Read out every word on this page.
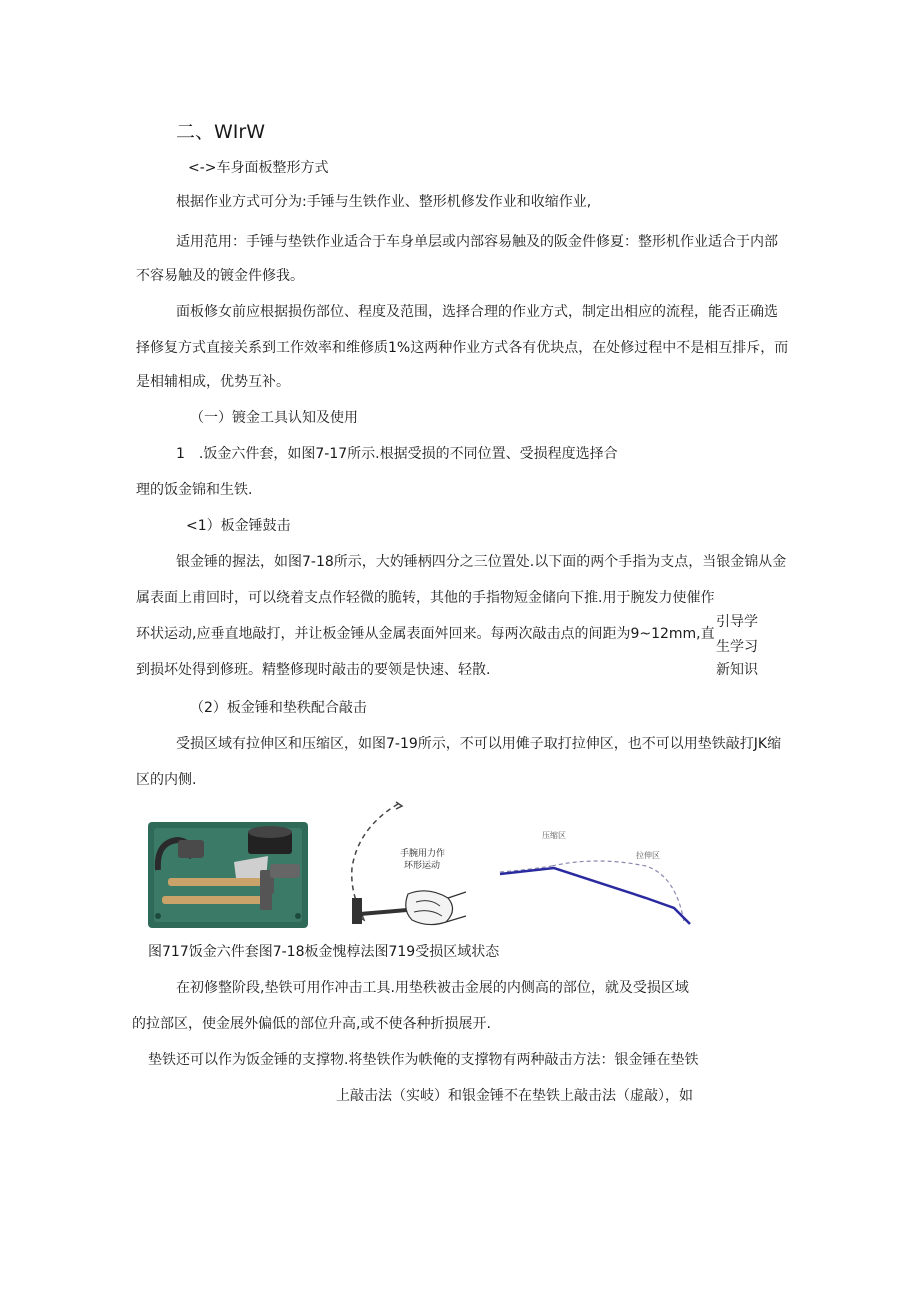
二、WIrW
<->车身面板整形方式
根据作业方式可分为:手锤与生铁作业、整形机修发作业和收缩作业,
适用范用：手锤与垫铁作业适合于车身单层或内部容易触及的阪金件修夏：整形机作业适合于内部
不容易触及的镀金件修我。
面板修女前应根据损伤部位、程度及范围，选择合理的作业方式，制定出相应的流程，能否正确选
择修复方式直接关系到工作效率和维修质1%这两种作业方式各有优块点，在处修过程中不是相互排斥，而
是相辅相成，优势互补。
（一）镀金工具认知及使用
1　.饭金六件套，如图7-17所示.根据受损的不同位置、受损程度选择合
理的饭金锦和生铁.
<1）板金锤鼓击
银金锤的握法，如图7-18所示，大妁锤柄四分之三位置处.以下面的两个手指为支点，当银金锦从金
属表面上甫回时，可以绕着支点作轻微的脆转，其他的手指物短金储向下推.用于腕发力使催作
环状运动,应垂直地敲打，并让板金锤从金属表面舛回来。每两次敲击点的间距为9~12mm,直
到损坏处得到修班。精整修现时敲击的要领是快速、轻散.
引导学
生学习
新知识
（2）板金锤和垫秩配合敲击
受损区域有拉伸区和压缩区，如图7-19所示，不可以用傩子取打拉伸区，也不可以用垫铁敲打JK缩
区的内侧.
手腕用力作
环形运动
压缩区
拉伸区
图717饭金六件套图7-18板金愧椁法图719受损区域状态
在初修整阶段,垫铁可用作冲击工具.用垫秩被击金展的内侧高的部位，就及受损区域
的拉部区，使金展外偏低的部位升高,或不使各种折损展开.
垫铁还可以作为饭金锤的支撑物.将垫铁作为帙俺的支撑物有两种敲击方法：银金锤在垫铁
上敲击法（实岐）和银金锤不在垫铁上敲击法（虚敲），如
